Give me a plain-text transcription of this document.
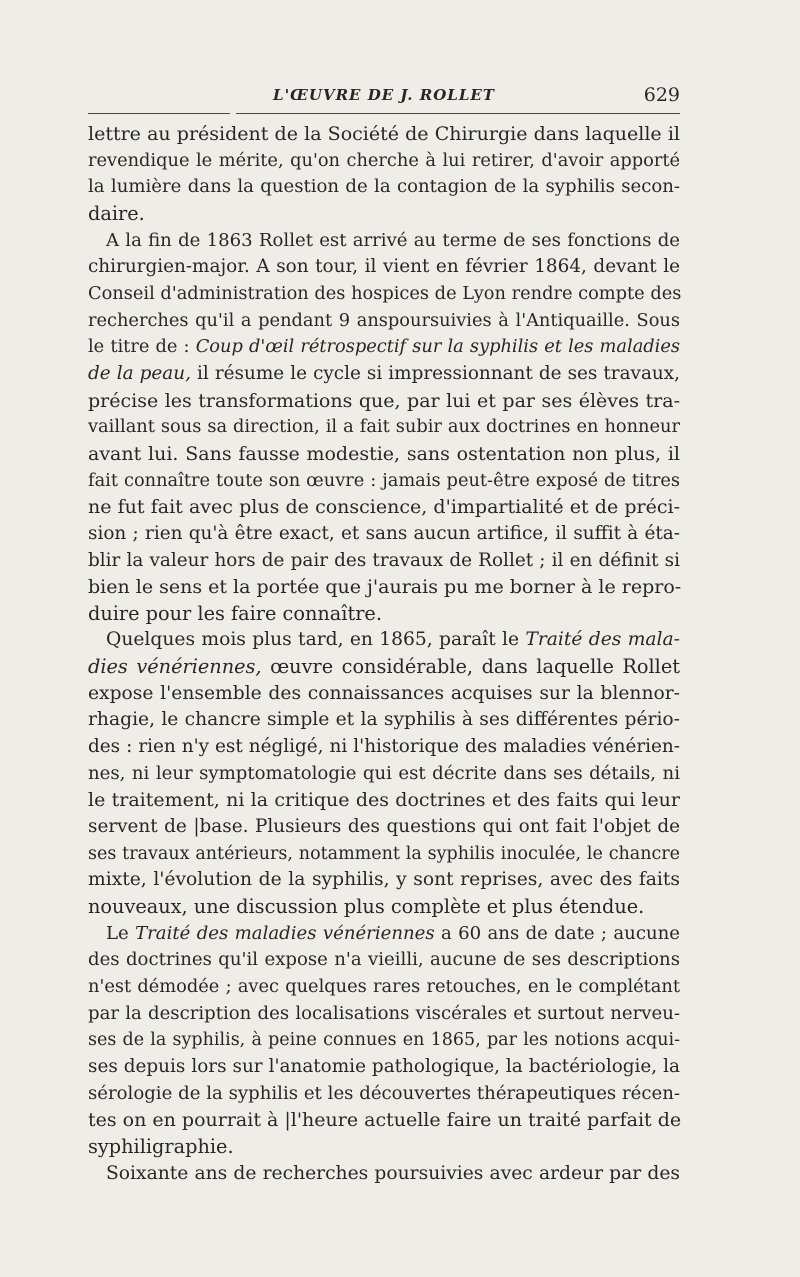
L'ŒUVRE DE J. ROLLET	629
lettre au président de la Société de Chirurgie dans laquelle il
revendique le mérite, qu'on cherche à lui retirer, d'avoir apporté
la lumière dans la question de la contagion de la syphilis secon-
daire.
A la fin de 1863 Rollet est arrivé au terme de ses fonctions de
chirurgien-major. A son tour, il vient en février 1864, devant le
Conseil d'administration des hospices de Lyon rendre compte des
recherches qu'il a pendant 9 anspoursuivies à l'Antiquaille. Sous
le titre de : Coup d'œil rétrospectif sur la syphilis et les maladies
de la peau, il résume le cycle si impressionnant de ses travaux,
précise les transformations que, par lui et par ses élèves tra-
vaillant sous sa direction, il a fait subir aux doctrines en honneur
avant lui. Sans fausse modestie, sans ostentation non plus, il
fait connaître toute son œuvre : jamais peut-être exposé de titres
ne fut fait avec plus de conscience, d'impartialité et de préci-
sion ; rien qu'à être exact, et sans aucun artifice, il suffit à éta-
blir la valeur hors de pair des travaux de Rollet ; il en définit si
bien le sens et la portée que j'aurais pu me borner à le repro-
duire pour les faire connaître.
Quelques mois plus tard, en 1865, paraît le Traité des mala-
dies vénériennes, œuvre considérable, dans laquelle Rollet
expose l'ensemble des connaissances acquises sur la blennor-
rhagie, le chancre simple et la syphilis à ses différentes pério-
des : rien n'y est négligé, ni l'historique des maladies vénérien-
nes, ni leur symptomatologie qui est décrite dans ses détails, ni
le traitement, ni la critique des doctrines et des faits qui leur
servent de |base. Plusieurs des questions qui ont fait l'objet de
ses travaux antérieurs, notamment la syphilis inoculée, le chancre
mixte, l'évolution de la syphilis, y sont reprises, avec des faits
nouveaux, une discussion plus complète et plus étendue.
Le Traité des maladies vénériennes a 60 ans de date ; aucune
des doctrines qu'il expose n'a vieilli, aucune de ses descriptions
n'est démodée ; avec quelques rares retouches, en le complétant
par la description des localisations viscérales et surtout nerveu-
ses de la syphilis, à peine connues en 1865, par les notions acqui-
ses depuis lors sur l'anatomie pathologique, la bactériologie, la
sérologie de la syphilis et les découvertes thérapeutiques récen-
tes on en pourrait à |l'heure actuelle faire un traité parfait de
syphiligraphie.
Soixante ans de recherches poursuivies avec ardeur par des
